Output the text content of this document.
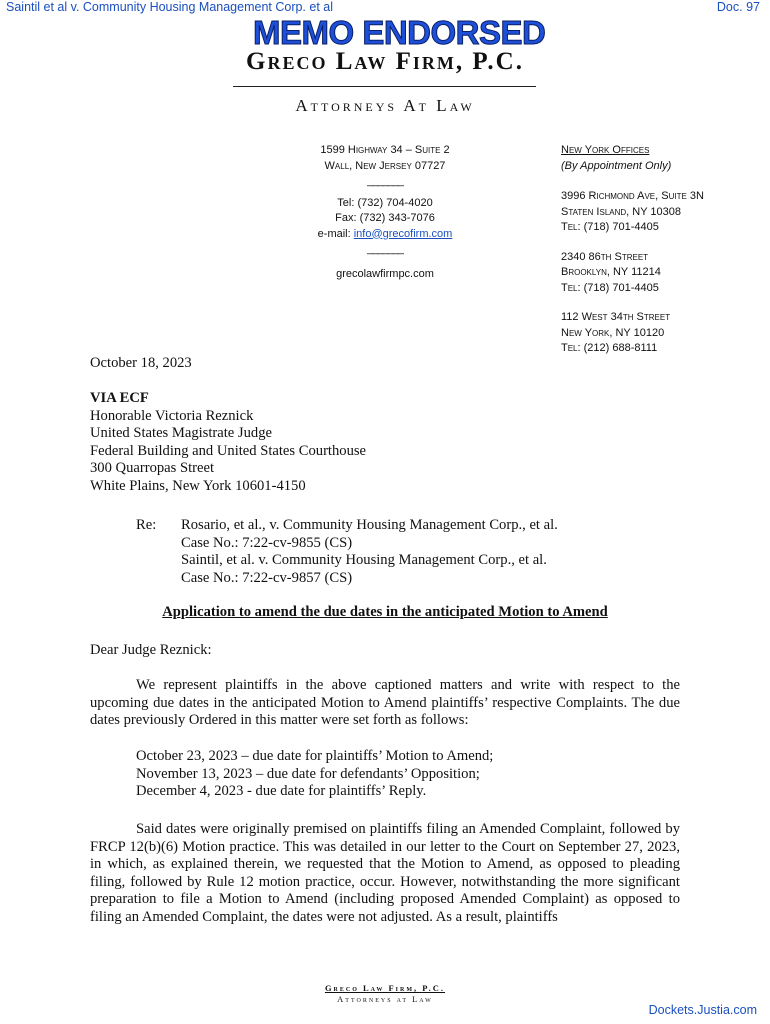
Saintil et al v. Community Housing Management Corp. et al	Doc. 97
MEMO ENDORSED
Greco Law Firm, P.C.
Attorneys At Law
1599 Highway 34 – Suite 2
Wall, New Jersey 07727
_______
Tel: (732) 704-4020
Fax: (732) 343-7076
e-mail: info@grecofirm.com
_______
grecolawfirmpc.com
New York Offices
(By Appointment Only)
3996 Richmond Ave, Suite 3N
Staten Island, NY 10308
Tel: (718) 701-4405
2340 86th Street
Brooklyn, NY 11214
Tel: (718) 701-4405
112 West 34th Street
New York, NY 10120
Tel: (212) 688-8111
October 18, 2023
VIA ECF
Honorable Victoria Reznick
United States Magistrate Judge
Federal Building and United States Courthouse
300 Quarropas Street
White Plains, New York 10601-4150
Re: Rosario, et al., v. Community Housing Management Corp., et al.
Case No.: 7:22-cv-9855 (CS)
Saintil, et al. v. Community Housing Management Corp., et al.
Case No.: 7:22-cv-9857 (CS)
Application to amend the due dates in the anticipated Motion to Amend
Dear Judge Reznick:
We represent plaintiffs in the above captioned matters and write with respect to the upcoming due dates in the anticipated Motion to Amend plaintiffs’ respective Complaints. The due dates previously Ordered in this matter were set forth as follows:
October 23, 2023 – due date for plaintiffs’ Motion to Amend;
November 13, 2023 – due date for defendants’ Opposition;
December 4, 2023 - due date for plaintiffs’ Reply.
Said dates were originally premised on plaintiffs filing an Amended Complaint, followed by FRCP 12(b)(6) Motion practice. This was detailed in our letter to the Court on September 27, 2023, in which, as explained therein, we requested that the Motion to Amend, as opposed to pleading filing, followed by Rule 12 motion practice, occur. However, notwithstanding the more significant preparation to file a Motion to Amend (including proposed Amended Complaint) as opposed to filing an Amended Complaint, the dates were not adjusted. As a result, plaintiffs
Greco Law Firm, P.C.
Attorneys at Law
Dockets.Justia.com
